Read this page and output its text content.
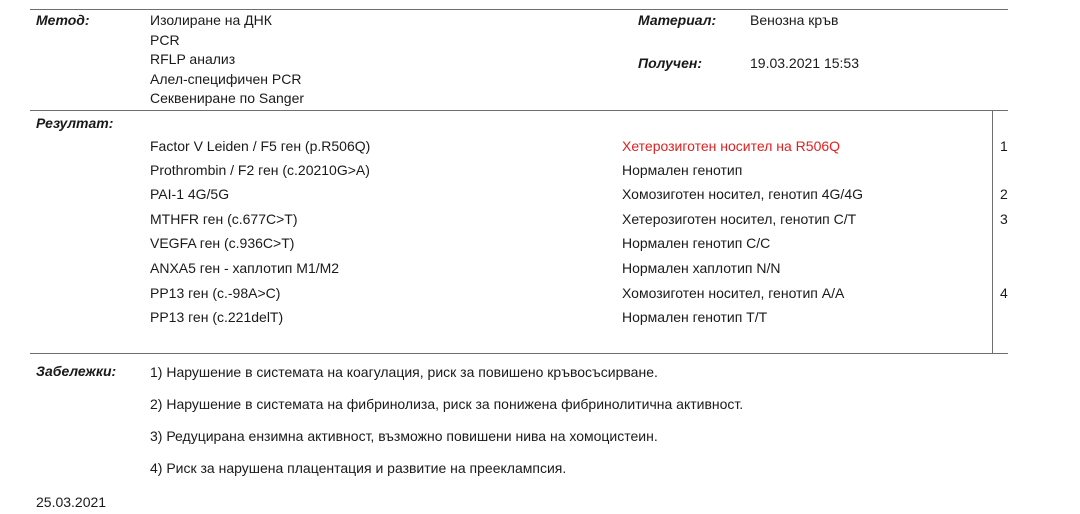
Метод:	Изолиране на ДНК
PCR
RFLP анализ
Алел-специфичен PCR
Секвениране по Sanger
Материал: Венозна кръв
Получен:	19.03.2021 15:53
Резултат:
Factor V Leiden / F5 ген (p.R506Q)	Хетерозиготен носител на R506Q	1
Prothrombin / F2 ген (c.20210G>A)	Нормален генотип
PAI-1 4G/5G	Хомозиготен носител, генотип 4G/4G	2
MTHFR ген (c.677C>T)	Хетерозиготен носител, генотип C/T	3
VEGFA ген (c.936C>T)	Нормален генотип C/C
ANXA5 ген - хаплотип M1/M2	Нормален хаплотип N/N
PP13 ген (c.-98A>C)	Хомозиготен носител, генотип A/A	4
PP13 ген (c.221delT)	Нормален генотип T/T
Забележки: 1) Нарушение в системата на коагулация, риск за повишено кръвосъсирване.
2) Нарушение в системата на фибринолиза, риск за понижена фибринолитична активност.
3) Редуцирана ензимна активност, възможно повишени нива на хомоцистеин.
4) Риск за нарушена плацентация и развитие на прееклампсия.
25.03.2021
